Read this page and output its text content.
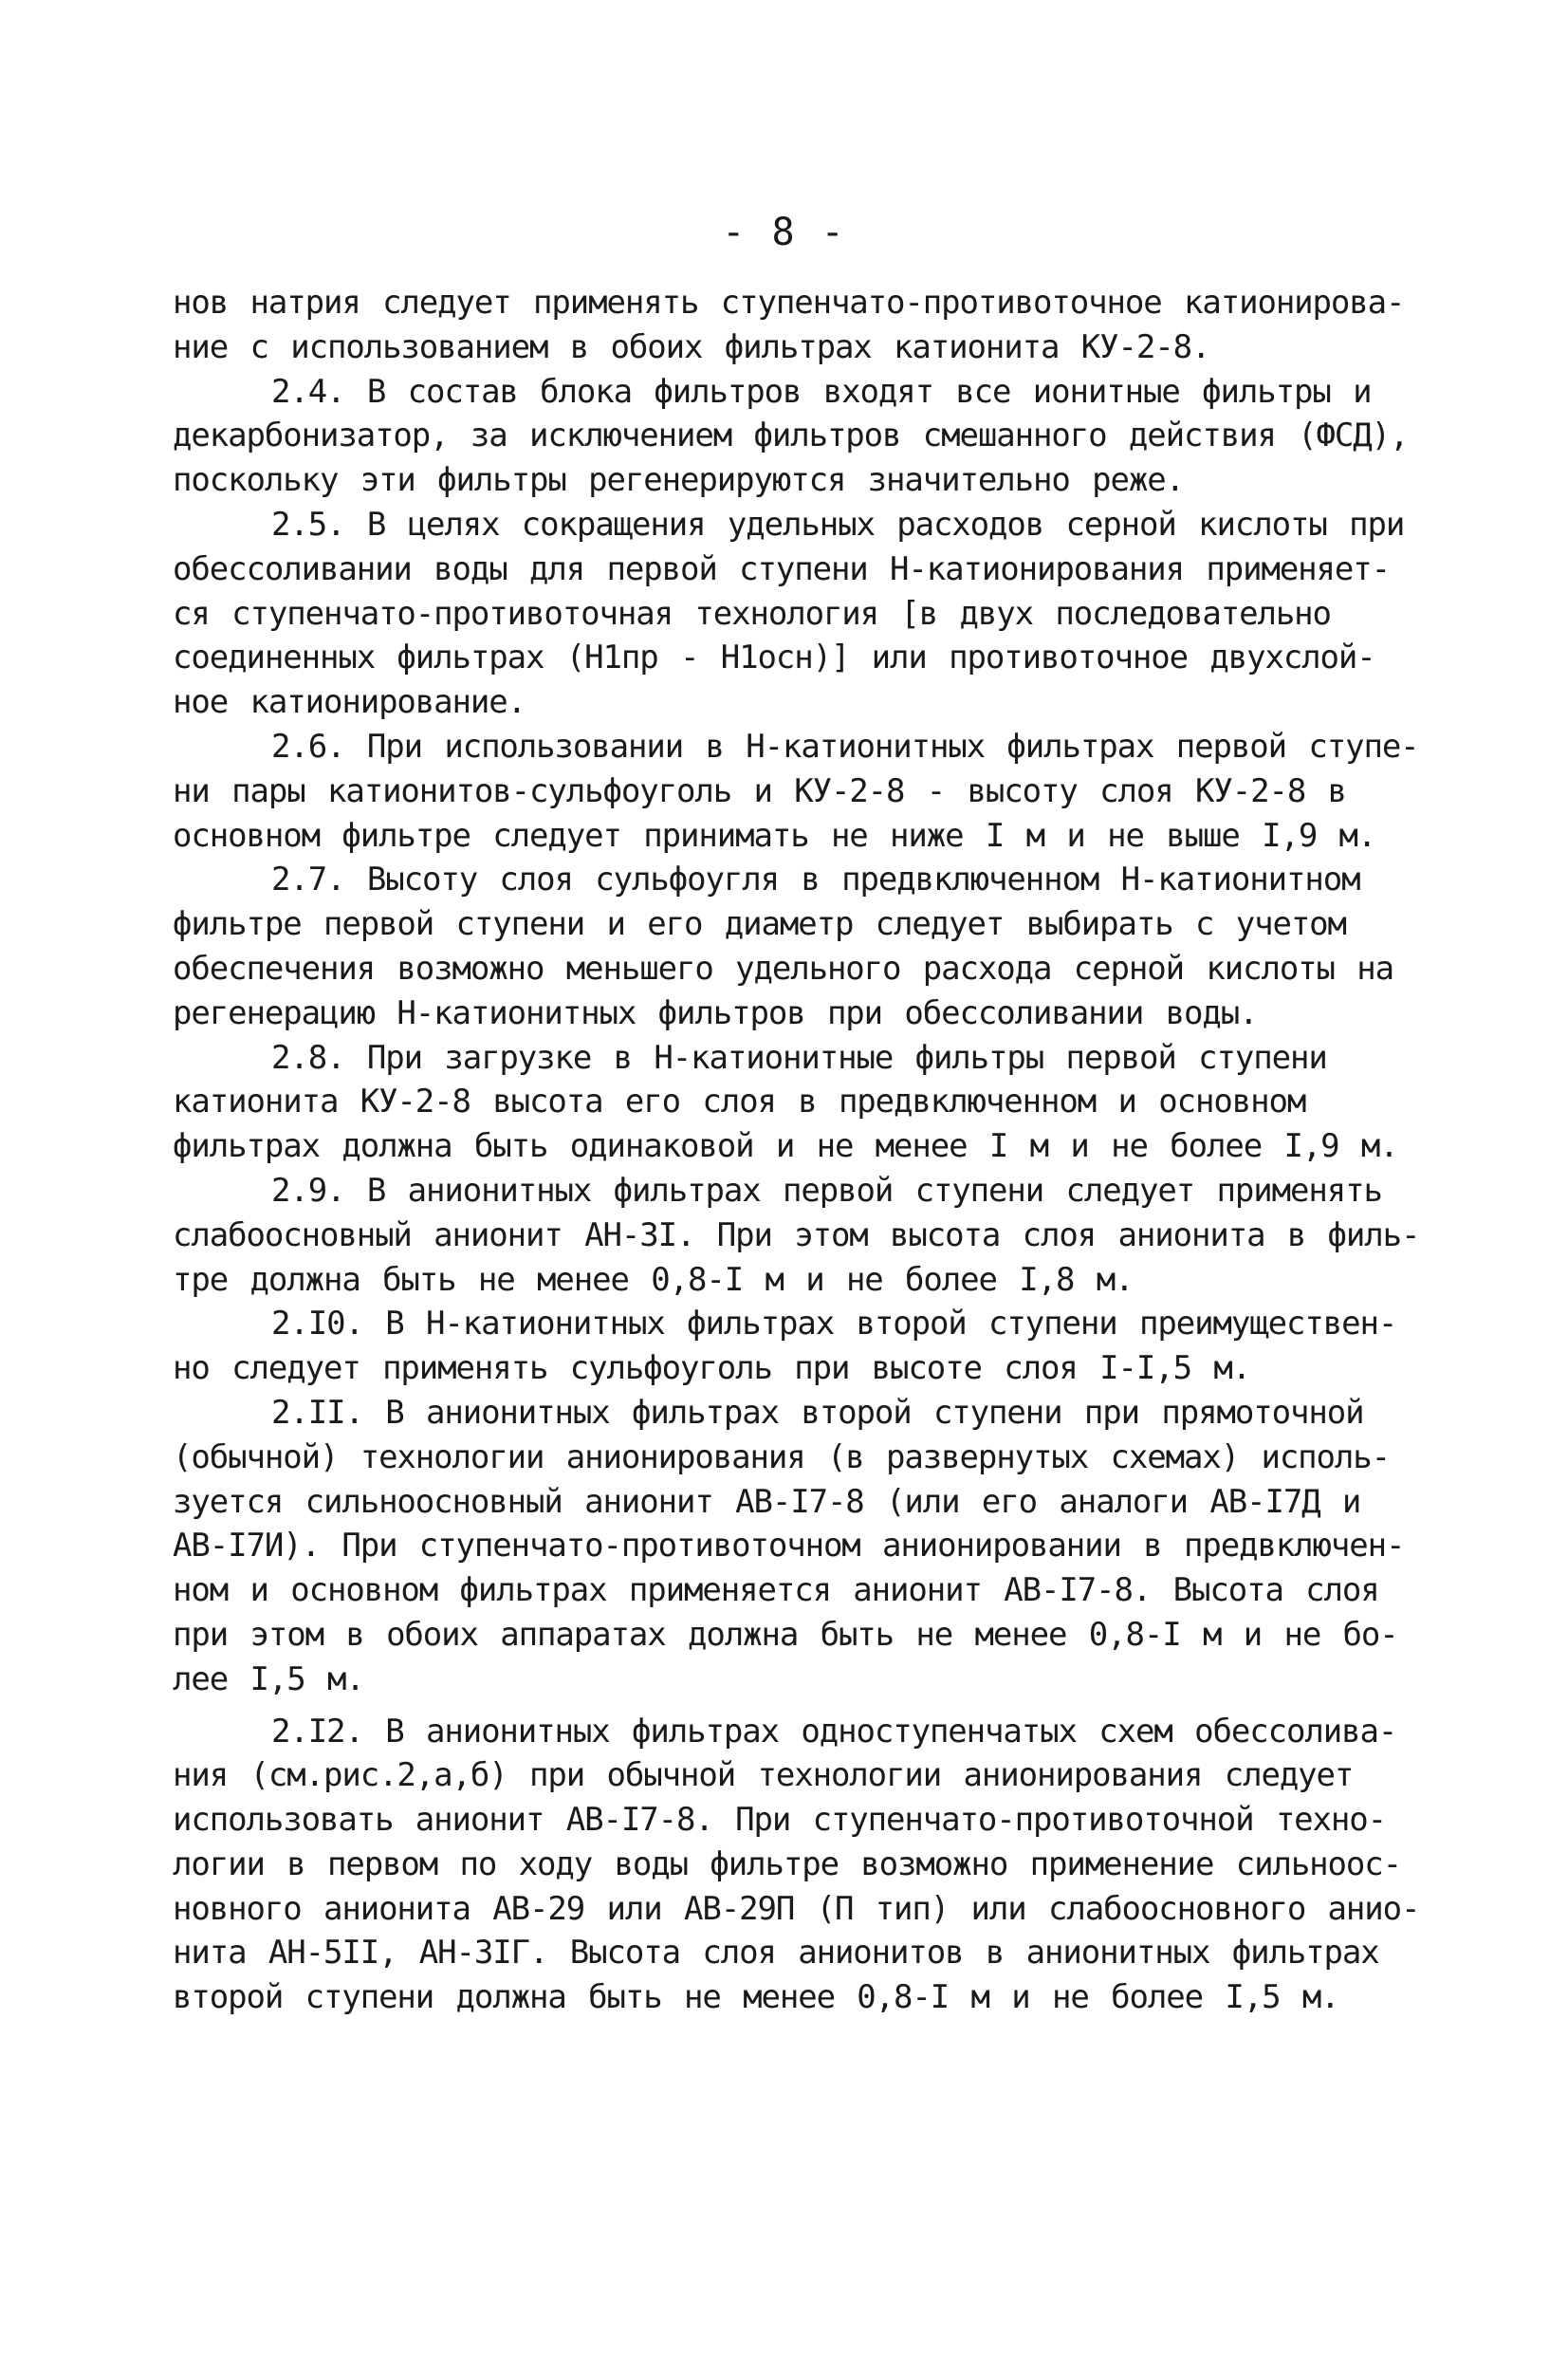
- 8 -
нов натрия следует применять ступенчато-противоточное катионирова-
ние с использованием в обоих фильтрах катионита КУ-2-8.
2.4. В состав блока фильтров входят все ионитные фильтры и
декарбонизатор, за исключением фильтров смешанного действия (ФСД),
поскольку эти фильтры регенерируются значительно реже.
2.5. В целях сокращения удельных расходов серной кислоты при
обессоливании воды для первой ступени Н-катионирования применяет-
ся ступенчато-противоточная технология [в двух последовательно
соединенных фильтрах (Н1пр - Н1осн)] или противоточное двухслой-
ное катионирование.
2.6. При использовании в Н-катионитных фильтрах первой ступе-
ни пары катионитов-сульфоуголь и КУ-2-8 - высоту слоя КУ-2-8 в
основном фильтре следует принимать не ниже I м и не выше I,9 м.
2.7. Высоту слоя сульфоугля в предвключенном Н-катионитном
фильтре первой ступени и его диаметр следует выбирать с учетом
обеспечения возможно меньшего удельного расхода серной кислоты на
регенерацию Н-катионитных фильтров при обессоливании воды.
2.8. При загрузке в Н-катионитные фильтры первой ступени
катионита КУ-2-8 высота его слоя в предвключенном и основном
фильтрах должна быть одинаковой и не менее I м и не более I,9 м.
2.9. В анионитных фильтрах первой ступени следует применять
слабоосновный анионит АН-3I. При этом высота слоя анионита в филь-
тре должна быть не менее 0,8-I м и не более I,8 м.
2.I0. В Н-катионитных фильтрах второй ступени преимуществен-
но следует применять сульфоуголь при высоте слоя I-I,5 м.
2.II. В анионитных фильтрах второй ступени при прямоточной
(обычной) технологии анионирования (в развернутых схемах) исполь-
зуется сильноосновный анионит АВ-I7-8 (или его аналоги АВ-I7Д и
АВ-I7И). При ступенчато-противоточном анионировании в предвключен-
ном и основном фильтрах применяется анионит АВ-I7-8. Высота слоя
при этом в обоих аппаратах должна быть не менее 0,8-I м и не бо-
лее I,5 м.
2.I2. В анионитных фильтрах одноступенчатых схем обессолива-
ния (см.рис.2,а,б) при обычной технологии анионирования следует
использовать анионит АВ-I7-8. При ступенчато-противоточной техно-
логии в первом по ходу воды фильтре возможно применение сильноос-
новного анионита АВ-29 или АВ-29П (П тип) или слабоосновного анио-
нита АН-5II, АН-3IГ. Высота слоя анионитов в анионитных фильтрах
второй ступени должна быть не менее 0,8-I м и не более I,5 м.
